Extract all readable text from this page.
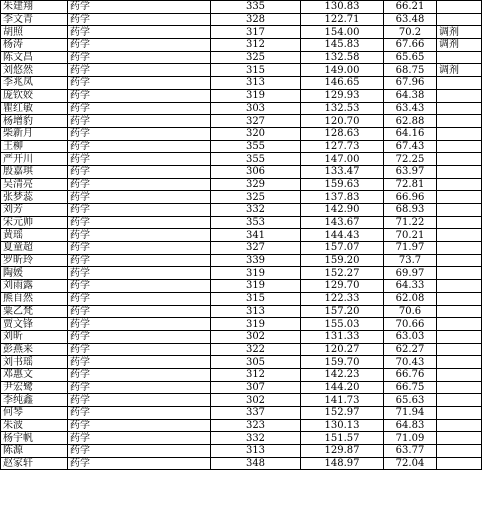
朱建翔	药学	335	130.83	66.21	
李文青	药学	328	122.71	63.48	
胡照	药学	317	154.00	70.2	调剂
杨涛	药学	312	145.83	67.66	调剂
陈文昌	药学	325	132.58	65.65	
刘悠然	药学	315	149.00	68.75	调剂
李兆凤	药学	313	146.65	67.96	
庞钦姣	药学	319	129.93	64.38	
瞿红敏	药学	303	132.53	63.43	
杨增豹	药学	327	120.70	62.88	
柴新月	药学	320	128.63	64.16	
王柳	药学	355	127.73	67.43	
严开川	药学	355	147.00	72.25	
殷嘉琪	药学	306	133.47	63.97	
吴清亮	药学	329	159.63	72.81	
张梦蕊	药学	325	137.83	66.96	
刘芳	药学	332	142.90	68.93	
宋元帅	药学	353	143.67	71.22	
黄瑶	药学	341	144.43	70.21	
夏童超	药学	327	157.07	71.97	
罗昕玲	药学	339	159.20	73.7	
陶媛	药学	319	152.27	69.97	
刘雨露	药学	319	129.70	64.33	
熊自然	药学	315	122.33	62.08	
粟乙梵	药学	313	157.20	70.6	
贾文锋	药学	319	155.03	70.66	
刘昕	药学	302	131.33	63.03	
彭燕来	药学	322	120.27	62.27	
刘书瑶	药学	305	159.70	70.43	
邓惠文	药学	312	142.23	66.76	
尹宏鹭	药学	307	144.20	66.75	
李纯鑫	药学	302	141.73	65.63	
何琴	药学	337	152.97	71.94	
朱波	药学	323	130.13	64.83	
杨宇帆	药学	332	151.57	71.09	
陈源	药学	313	129.87	63.77	
赵家轩	药学	348	148.97	72.04	
